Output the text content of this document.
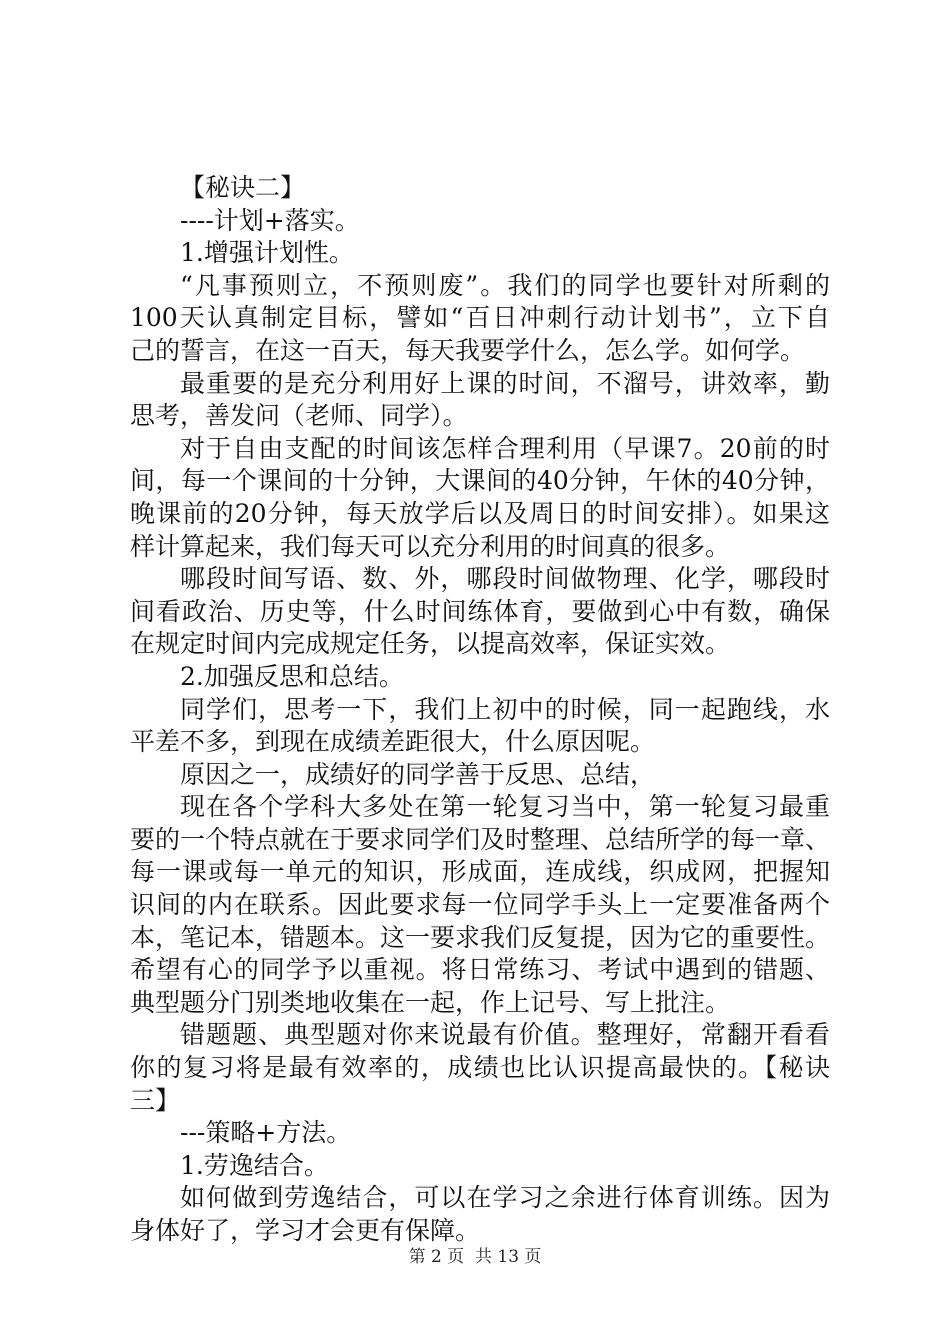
【秘诀二】
----计划+落实。
1.增强计划性。
“凡事预则立，不预则废”。我们的同学也要针对所剩的
100天认真制定目标，譬如“百日冲刺行动计划书”，立下自
己的誓言，在这一百天，每天我要学什么，怎么学。如何学。
最重要的是充分利用好上课的时间，不溜号，讲效率，勤
思考，善发问（老师、同学）。
对于自由支配的时间该怎样合理利用（早课7。20前的时
间，每一个课间的十分钟，大课间的40分钟，午休的40分钟，
晚课前的20分钟，每天放学后以及周日的时间安排）。如果这
样计算起来，我们每天可以充分利用的时间真的很多。
哪段时间写语、数、外，哪段时间做物理、化学，哪段时
间看政治、历史等，什么时间练体育，要做到心中有数，确保
在规定时间内完成规定任务，以提高效率，保证实效。
2.加强反思和总结。
同学们，思考一下，我们上初中的时候，同一起跑线，水
平差不多，到现在成绩差距很大，什么原因呢。
原因之一，成绩好的同学善于反思、总结，
现在各个学科大多处在第一轮复习当中，第一轮复习最重
要的一个特点就在于要求同学们及时整理、总结所学的每一章、
每一课或每一单元的知识，形成面，连成线，织成网，把握知
识间的内在联系。因此要求每一位同学手头上一定要准备两个
本，笔记本，错题本。这一要求我们反复提，因为它的重要性。
希望有心的同学予以重视。将日常练习、考试中遇到的错题、
典型题分门别类地收集在一起，作上记号、写上批注。
错题题、典型题对你来说最有价值。整理好，常翻开看看
你的复习将是最有效率的，成绩也比认识提高最快的。【秘诀
三】
---策略+方法。
1.劳逸结合。
如何做到劳逸结合，可以在学习之余进行体育训练。因为
身体好了，学习才会更有保障。
第 2 页  共 13 页
